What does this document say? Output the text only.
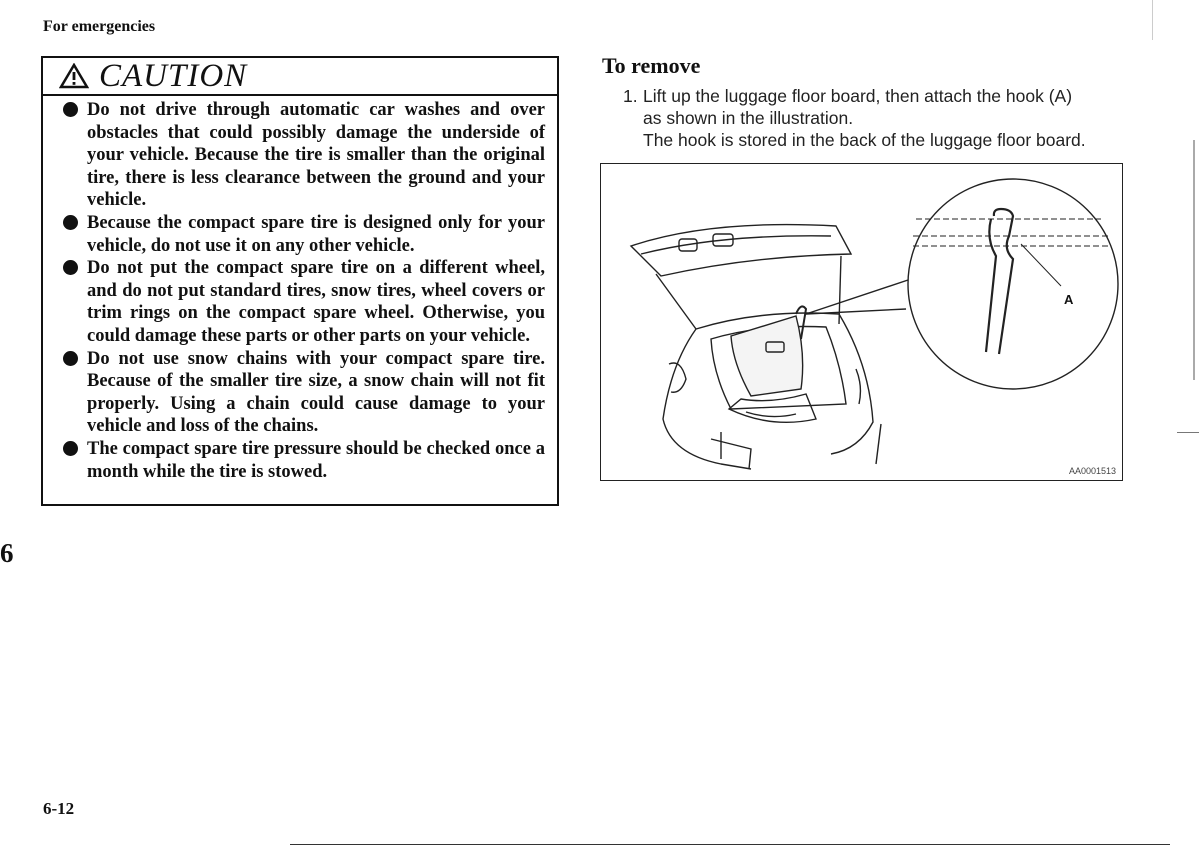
For emergencies
CAUTION
Do not drive through automatic car washes and over obstacles that could possibly damage the underside of your vehicle. Because the tire is smaller than the original tire, there is less clearance between the ground and your vehicle.
Because the compact spare tire is designed only for your vehicle, do not use it on any other vehicle.
Do not put the compact spare tire on a different wheel, and do not put standard tires, snow tires, wheel covers or trim rings on the compact spare wheel. Otherwise, you could damage these parts or other parts on your vehicle.
Do not use snow chains with your compact spare tire. Because of the smaller tire size, a snow chain will not fit properly. Using a chain could cause damage to your vehicle and loss of the chains.
The compact spare tire pressure should be checked once a month while the tire is stowed.
6
6-12
To remove
1. Lift up the luggage floor board, then attach the hook (A)
as shown in the illustration.
The hook is stored in the back of the luggage floor board.
A
AA0001513
